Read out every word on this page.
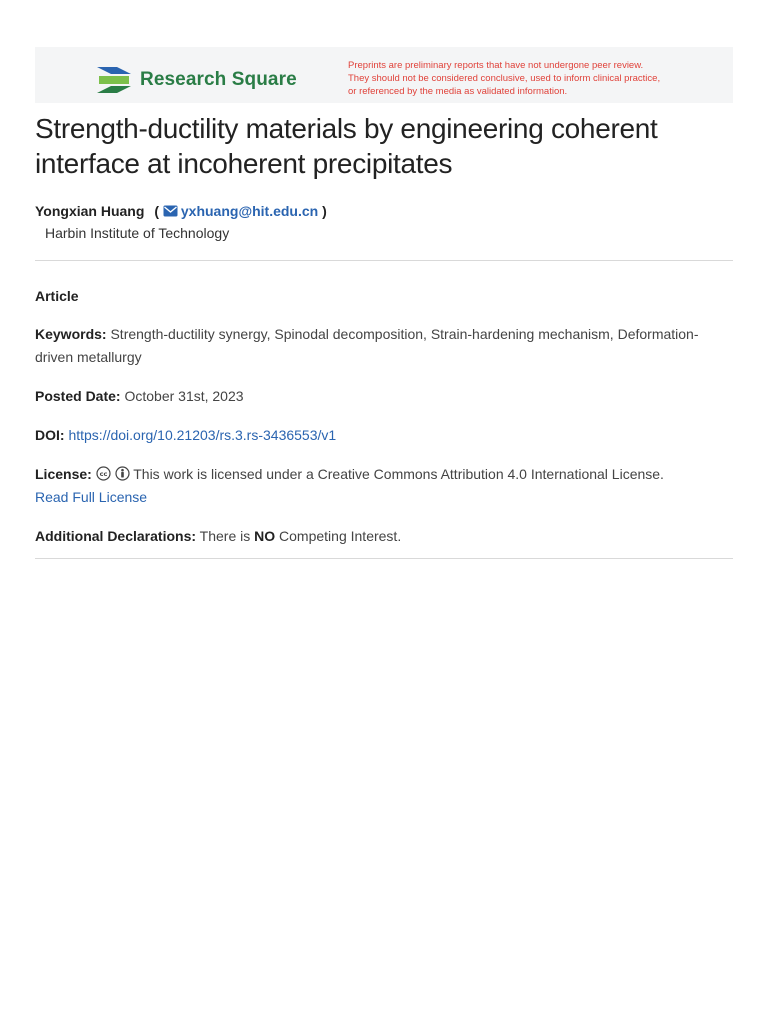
Research Square
Preprints are preliminary reports that have not undergone peer review.
They should not be considered conclusive, used to inform clinical practice,
or referenced by the media as validated information.
Strength-ductility materials by engineering coherent interface at incoherent precipitates
Yongxian Huang ( yxhuang@hit.edu.cn )
Harbin Institute of Technology
Article
Keywords: Strength-ductility synergy, Spinodal decomposition, Strain-hardening mechanism, Deformation-driven metallurgy
Posted Date: October 31st, 2023
DOI: https://doi.org/10.21203/rs.3.rs-3436553/v1
License: cc This work is licensed under a Creative Commons Attribution 4.0 International License.
Read Full License
Additional Declarations: There is NO Competing Interest.
